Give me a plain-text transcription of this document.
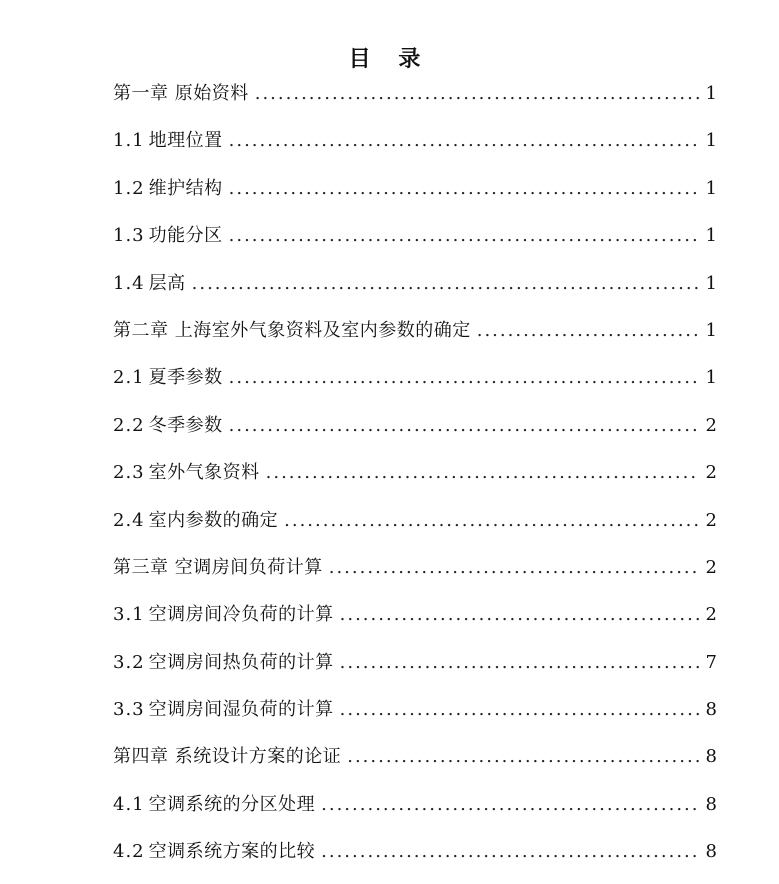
目 录
第一章 原始资料 .....	1
1.1 地理位置 .....	1
1.2 维护结构 .....	1
1.3 功能分区 .....	1
1.4 层高 .....	1
第二章 上海室外气象资料及室内参数的确定 .....	1
2.1 夏季参数 .....	1
2.2 冬季参数 .....	2
2.3 室外气象资料 .....	2
2.4 室内参数的确定 .....	2
第三章 空调房间负荷计算 .....	2
3.1 空调房间冷负荷的计算 .....	2
3.2 空调房间热负荷的计算 .....	7
3.3 空调房间湿负荷的计算 .....	8
第四章 系统设计方案的论证 .....	8
4.1 空调系统的分区处理 .....	8
4.2 空调系统方案的比较 .....	8
